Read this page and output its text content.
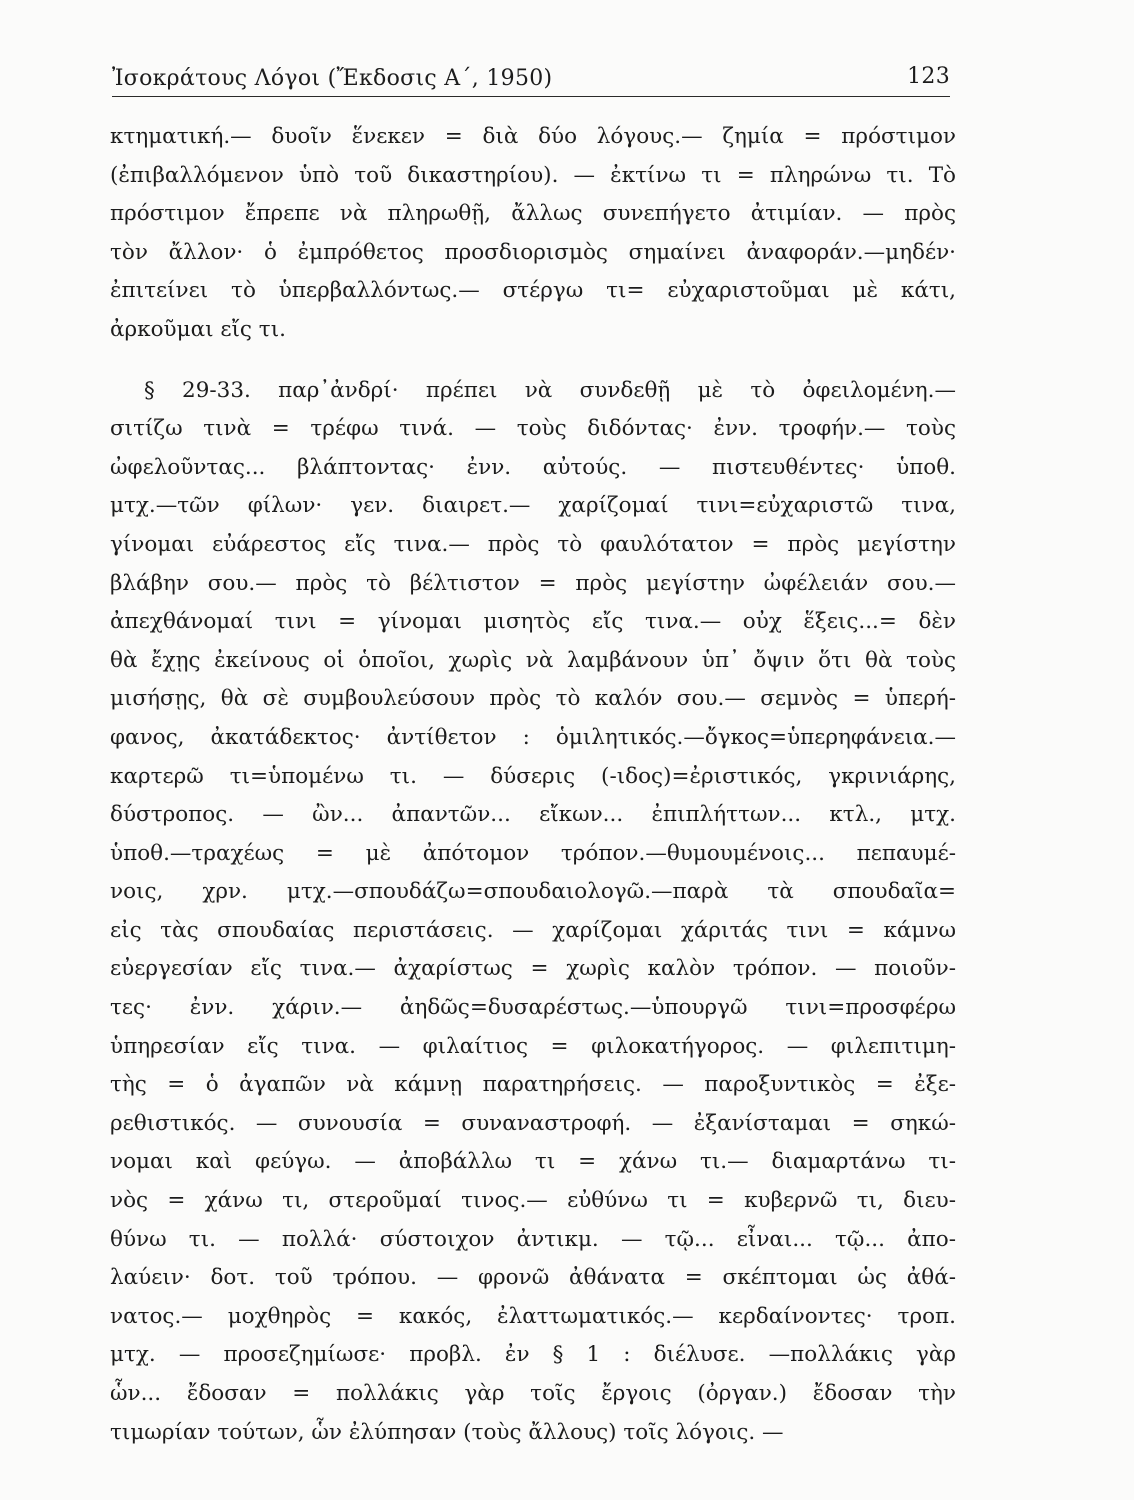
Ἰσοκράτους Λόγοι (Ἔκδοσις Α΄, 1950)	123
κτηματική.— δυοῖν ἕνεκεν = διὰ δύο λόγους.— ζημία = πρόστιμον
(ἐπιβαλλόμενον ὑπὸ τοῦ δικαστηρίου). — ἐκτίνω τι = πληρώνω τι. Τὸ
πρόστιμον ἔπρεπε νὰ πληρωθῇ, ἄλλως συνεπήγετο ἀτιμίαν. — πρὸς
τὸν ἄλλον· ὁ ἐμπρόθετος προσδιορισμὸς σημαίνει ἀναφοράν.—μηδέν·
ἐπιτείνει τὸ ὑπερβαλλόντως.— στέργω τι= εὐχαριστοῦμαι μὲ κάτι,
ἀρκοῦμαι εἴς τι.
§ 29-33. παρ᾽ἀνδρί· πρέπει νὰ συνδεθῇ μὲ τὸ ὀφειλομένη.—
σιτίζω τινὰ = τρέφω τινά. — τοὺς διδόντας· ἐνν. τροφήν.— τοὺς
ὠφελοῦντας... βλάπτοντας· ἐνν. αὐτούς. — πιστευθέντες· ὑποθ.
μτχ.—τῶν φίλων· γεν. διαιρετ.— χαρίζομαί τινι=εὐχαριστῶ τινα,
γίνομαι εὐάρεστος εἴς τινα.— πρὸς τὸ φαυλότατον = πρὸς μεγίστην
βλάβην σου.— πρὸς τὸ βέλτιστον = πρὸς μεγίστην ὠφέλειάν σου.—
ἀπεχθάνομαί τινι = γίνομαι μισητὸς εἴς τινα.— οὐχ ἕξεις...= δὲν
θὰ ἔχῃς ἐκείνους οἱ ὁποῖοι, χωρὶς νὰ λαμβάνουν ὑπ᾽ ὄψιν ὅτι θὰ τοὺς
μισήσῃς, θὰ σὲ συμβουλεύσουν πρὸς τὸ καλόν σου.— σεμνὸς = ὑπερή-
φανος, ἀκατάδεκτος· ἀντίθετον : ὁμιλητικός.—ὄγκος=ὑπερηφάνεια.—
καρτερῶ τι=ὑπομένω τι. — δύσερις (-ιδος)=ἐριστικός, γκρινιάρης,
δύστροπος. — ὢν... ἀπαντῶν... εἴκων... ἐπιπλήττων... κτλ., μτχ.
ὑποθ.—τραχέως = μὲ ἀπότομον τρόπον.—θυμουμένοις... πεπαυμέ-
νοις, χρν. μτχ.—σπουδάζω=σπουδαιολογῶ.—παρὰ τὰ σπουδαῖα=
εἰς τὰς σπουδαίας περιστάσεις. — χαρίζομαι χάριτάς τινι = κάμνω
εὐεργεσίαν εἴς τινα.— ἀχαρίστως = χωρὶς καλὸν τρόπον. — ποιοῦν-
τες· ἐνν. χάριν.— ἀηδῶς=δυσαρέστως.—ὑπουργῶ τινι=προσφέρω
ὑπηρεσίαν εἴς τινα. — φιλαίτιος = φιλοκατήγορος. — φιλεπιτιμη-
τὴς = ὁ ἀγαπῶν νὰ κάμνῃ παρατηρήσεις. — παροξυντικὸς = ἐξε-
ρεθιστικός. — συνουσία = συναναστροφή. — ἐξανίσταμαι = σηκώ-
νομαι καὶ φεύγω. — ἀποβάλλω τι = χάνω τι.— διαμαρτάνω τι-
νὸς = χάνω τι, στεροῦμαί τινος.— εὐθύνω τι = κυβερνῶ τι, διευ-
θύνω τι. — πολλά· σύστοιχον ἀντικμ. — τῷ... εἶναι... τῷ... ἀπο-
λαύειν· δοτ. τοῦ τρόπου. — φρονῶ ἀθάνατα = σκέπτομαι ὡς ἀθά-
νατος.— μοχθηρὸς = κακός, ἐλαττωματικός.— κερδαίνοντες· τροπ.
μτχ. — προσεζημίωσε· προβλ. ἐν § 1 : διέλυσε. —πολλάκις γὰρ
ὧν... ἔδοσαν = πολλάκις γὰρ τοῖς ἔργοις (ὀργαν.) ἔδοσαν τὴν
τιμωρίαν τούτων, ὧν ἐλύπησαν (τοὺς ἄλλους) τοῖς λόγοις. —
